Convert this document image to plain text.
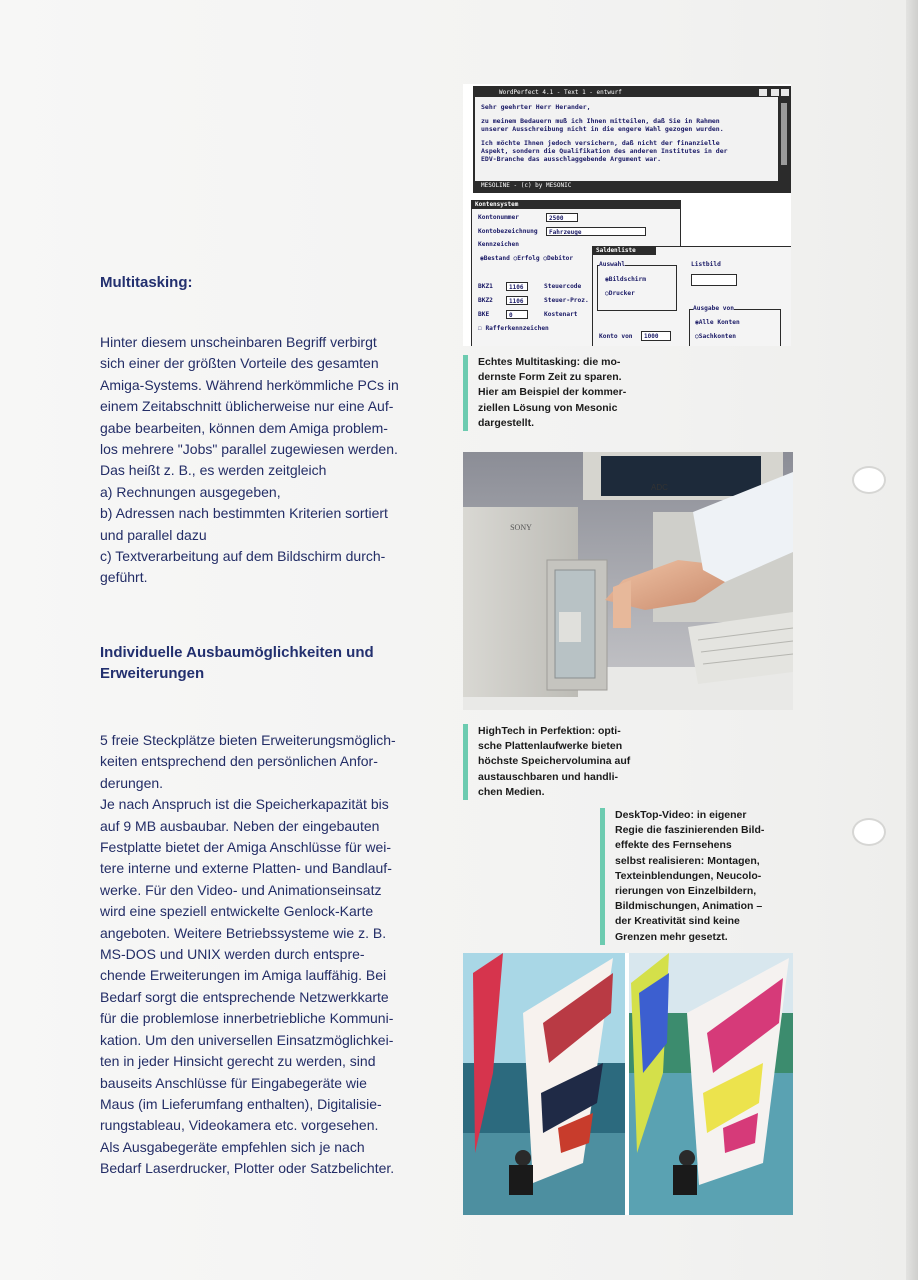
Multitasking:
Hinter diesem unscheinbaren Begriff verbirgt
sich einer der größten Vorteile des gesamten
Amiga-Systems. Während herkömmliche PCs in
einem Zeitabschnitt üblicherweise nur eine Auf-
gabe bearbeiten, können dem Amiga problem-
los mehrere "Jobs" parallel zugewiesen werden.
Das heißt z. B., es werden zeitgleich
a) Rechnungen ausgegeben,
b) Adressen nach bestimmten Kriterien sortiert
und parallel dazu
c) Textverarbeitung auf dem Bildschirm durch-
geführt.
Individuelle Ausbaumöglichkeiten und
Erweiterungen
5 freie Steckplätze bieten Erweiterungsmöglich-
keiten entsprechend den persönlichen Anfor-
derungen.
Je nach Anspruch ist die Speicherkapazität bis
auf 9 MB ausbaubar. Neben der eingebauten
Festplatte bietet der Amiga Anschlüsse für wei-
tere interne und externe Platten- und Bandlauf-
werke. Für den Video- und Animationseinsatz
wird eine speziell entwickelte Genlock-Karte
angeboten. Weitere Betriebssysteme wie z. B.
MS-DOS und UNIX werden durch entspre-
chende Erweiterungen im Amiga lauffähig. Bei
Bedarf sorgt die entsprechende Netzwerkkarte
für die problemlose innerbetriebliche Kommuni-
kation. Um den universellen Einsatzmöglichkei-
ten in jeder Hinsicht gerecht zu werden, sind
bauseits Anschlüsse für Eingabegeräte wie
Maus (im Lieferumfang enthalten), Digitalisie-
rungstableau, Videokamera etc. vorgesehen.
Als Ausgabegeräte empfehlen sich je nach
Bedarf Laserdrucker, Plotter oder Satzbelichter.
WordPerfect 4.1 - Text 1 - entwurf
Sehr geehrter Herr Herander,
zu meinem Bedauern muß ich Ihnen mitteilen, daß Sie in Rahmen
unserer Ausschreibung nicht in die engere Wahl gezogen wurden.
Ich möchte Ihnen jedoch versichern, daß nicht der finanzielle
Aspekt, sondern die Qualifikation des anderen Institutes in der
EDV-Branche das ausschlaggebende Argument war.
MESOLINE - (c) by MESONIC
Kontensystem
Kontonummer	2500
Kontobezeichnung	Fahrzeuge
Kennzeichen
◉Bestand ○Erfolg ○Debitor
BKZ1	1106	Steuercode
BKZ2	1106	Steuer-Proz.
BKE	0	Kostenart
☐ Rafferkennzeichen
Saldenliste
Auswahl
◉Bildschirm
○Drucker
Listbild
Ausgabe von
◉Alle Konten
○Sachkonten
Konto von	1000
Echtes Multitasking: die mo-
dernste Form Zeit zu sparen.
Hier am Beispiel der kommer-
ziellen Lösung von Mesonic
dargestellt.
ADC
SONY
HighTech in Perfektion: opti-
sche Plattenlaufwerke bieten
höchste Speichervolumina auf
austauschbaren und handli-
chen Medien.
DeskTop-Video: in eigener
Regie die faszinierenden Bild-
effekte des Fernsehens
selbst realisieren: Montagen,
Texteinblendungen, Neucolo-
rierungen von Einzelbildern,
Bildmischungen, Animation –
der Kreativität sind keine
Grenzen mehr gesetzt.
